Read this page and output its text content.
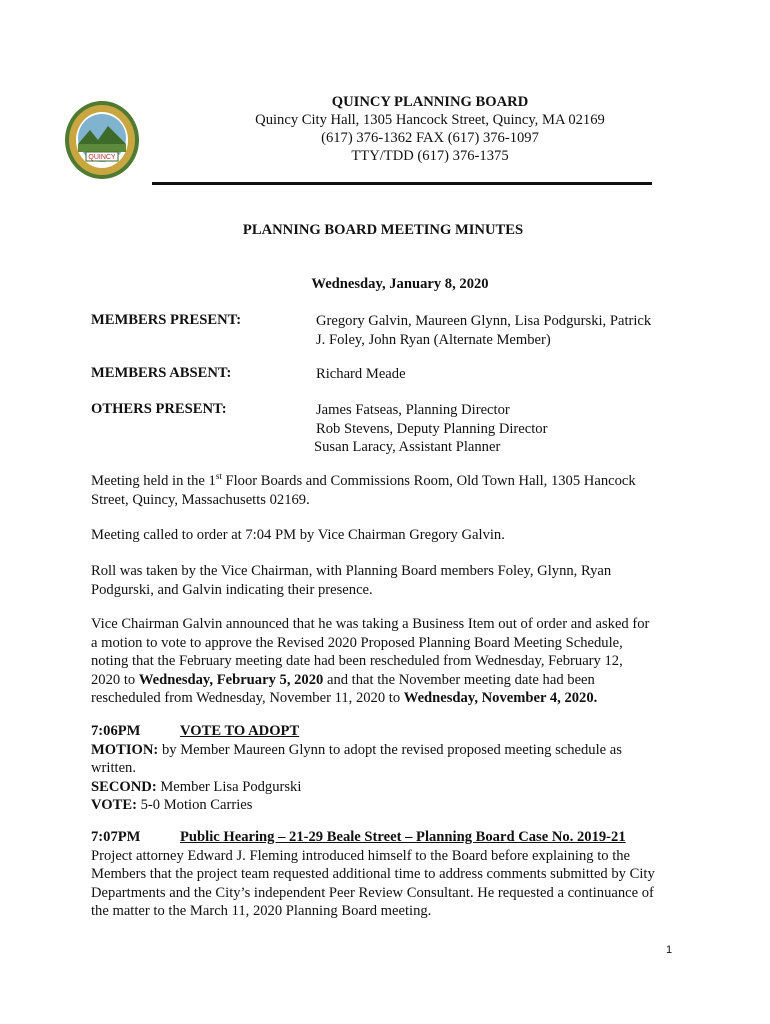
QUINCY
QUINCY PLANNING BOARD
Quincy City Hall, 1305 Hancock Street, Quincy, MA 02169
(617) 376-1362 FAX (617) 376-1097
TTY/TDD (617) 376-1375
PLANNING BOARD MEETING MINUTES
Wednesday, January 8, 2020
MEMBERS PRESENT:	Gregory Galvin, Maureen Glynn, Lisa Podgurski, Patrick
J. Foley, John Ryan (Alternate Member)
MEMBERS ABSENT:	Richard Meade
OTHERS PRESENT:	James Fatseas, Planning Director
Rob Stevens, Deputy Planning Director
Susan Laracy, Assistant Planner
Meeting held in the 1st Floor Boards and Commissions Room, Old Town Hall, 1305 Hancock
Street, Quincy, Massachusetts 02169.
Meeting called to order at 7:04 PM by Vice Chairman Gregory Galvin.
Roll was taken by the Vice Chairman, with Planning Board members Foley, Glynn, Ryan
Podgurski, and Galvin indicating their presence.
Vice Chairman Galvin announced that he was taking a Business Item out of order and asked for
a motion to vote to approve the Revised 2020 Proposed Planning Board Meeting Schedule,
noting that the February meeting date had been rescheduled from Wednesday, February 12,
2020 to Wednesday, February 5, 2020 and that the November meeting date had been
rescheduled from Wednesday, November 11, 2020 to Wednesday, November 4, 2020.
7:06PM	VOTE TO ADOPT
MOTION: by Member Maureen Glynn to adopt the revised proposed meeting schedule as
written.
SECOND: Member Lisa Podgurski
VOTE: 5-0 Motion Carries
7:07PM	Public Hearing – 21-29 Beale Street – Planning Board Case No. 2019-21
Project attorney Edward J. Fleming introduced himself to the Board before explaining to the
Members that the project team requested additional time to address comments submitted by City
Departments and the City’s independent Peer Review Consultant. He requested a continuance of
the matter to the March 11, 2020 Planning Board meeting.
1
